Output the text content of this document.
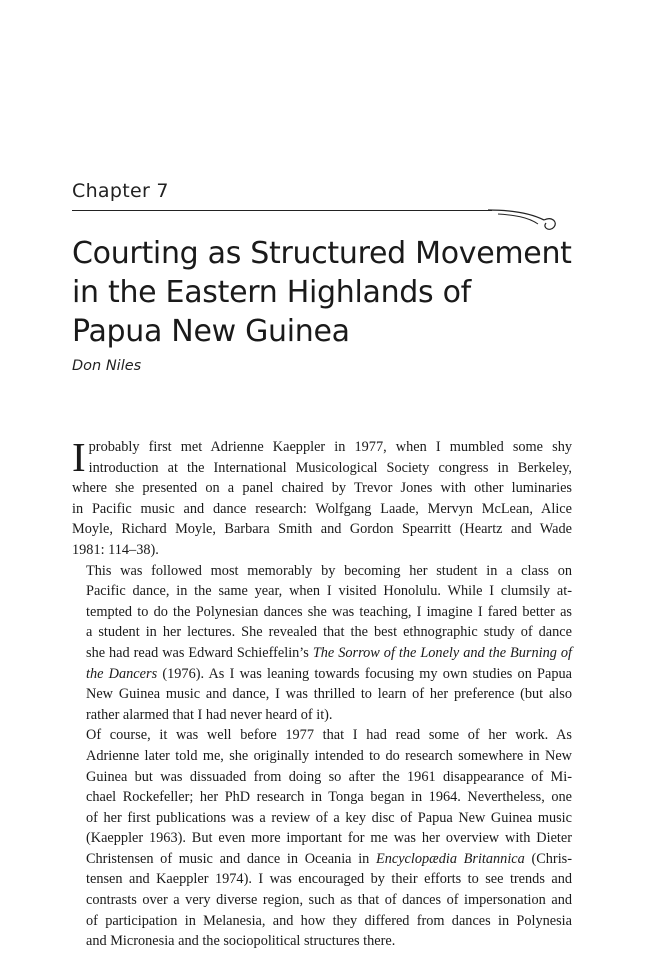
Chapter 7
Courting as Structured Movement
in the Eastern Highlands of
Papua New Guinea
Don Niles

I probably first met Adrienne Kaeppler in 1977, when I mumbled some shy
introduction at the International Musicological Society congress in Berkeley,
where she presented on a panel chaired by Trevor Jones with other luminaries
in Pacific music and dance research: Wolfgang Laade, Mervyn McLean, Alice
Moyle, Richard Moyle, Barbara Smith and Gordon Spearritt (Heartz and Wade
1981: 114–38).

This was followed most memorably by becoming her student in a class on
Pacific dance, in the same year, when I visited Honolulu. While I clumsily at-
tempted to do the Polynesian dances she was teaching, I imagine I fared better as
a student in her lectures. She revealed that the best ethnographic study of dance
she had read was Edward Schieffelin’s The Sorrow of the Lonely and the Burning of
the Dancers (1976). As I was leaning towards focusing my own studies on Papua
New Guinea music and dance, I was thrilled to learn of her preference (but also
rather alarmed that I had never heard of it).

Of course, it was well before 1977 that I had read some of her work. As
Adrienne later told me, she originally intended to do research somewhere in New
Guinea but was dissuaded from doing so after the 1961 disappearance of Mi-
chael Rockefeller; her PhD research in Tonga began in 1964. Nevertheless, one
of her first publications was a review of a key disc of Papua New Guinea music
(Kaeppler 1963). But even more important for me was her overview with Dieter
Christensen of music and dance in Oceania in Encyclopædia Britannica (Chris-
tensen and Kaeppler 1974). I was encouraged by their efforts to see trends and
contrasts over a very diverse region, such as that of dances of impersonation and
of participation in Melanesia, and how they differed from dances in Polynesia
and Micronesia and the sociopolitical structures there.
